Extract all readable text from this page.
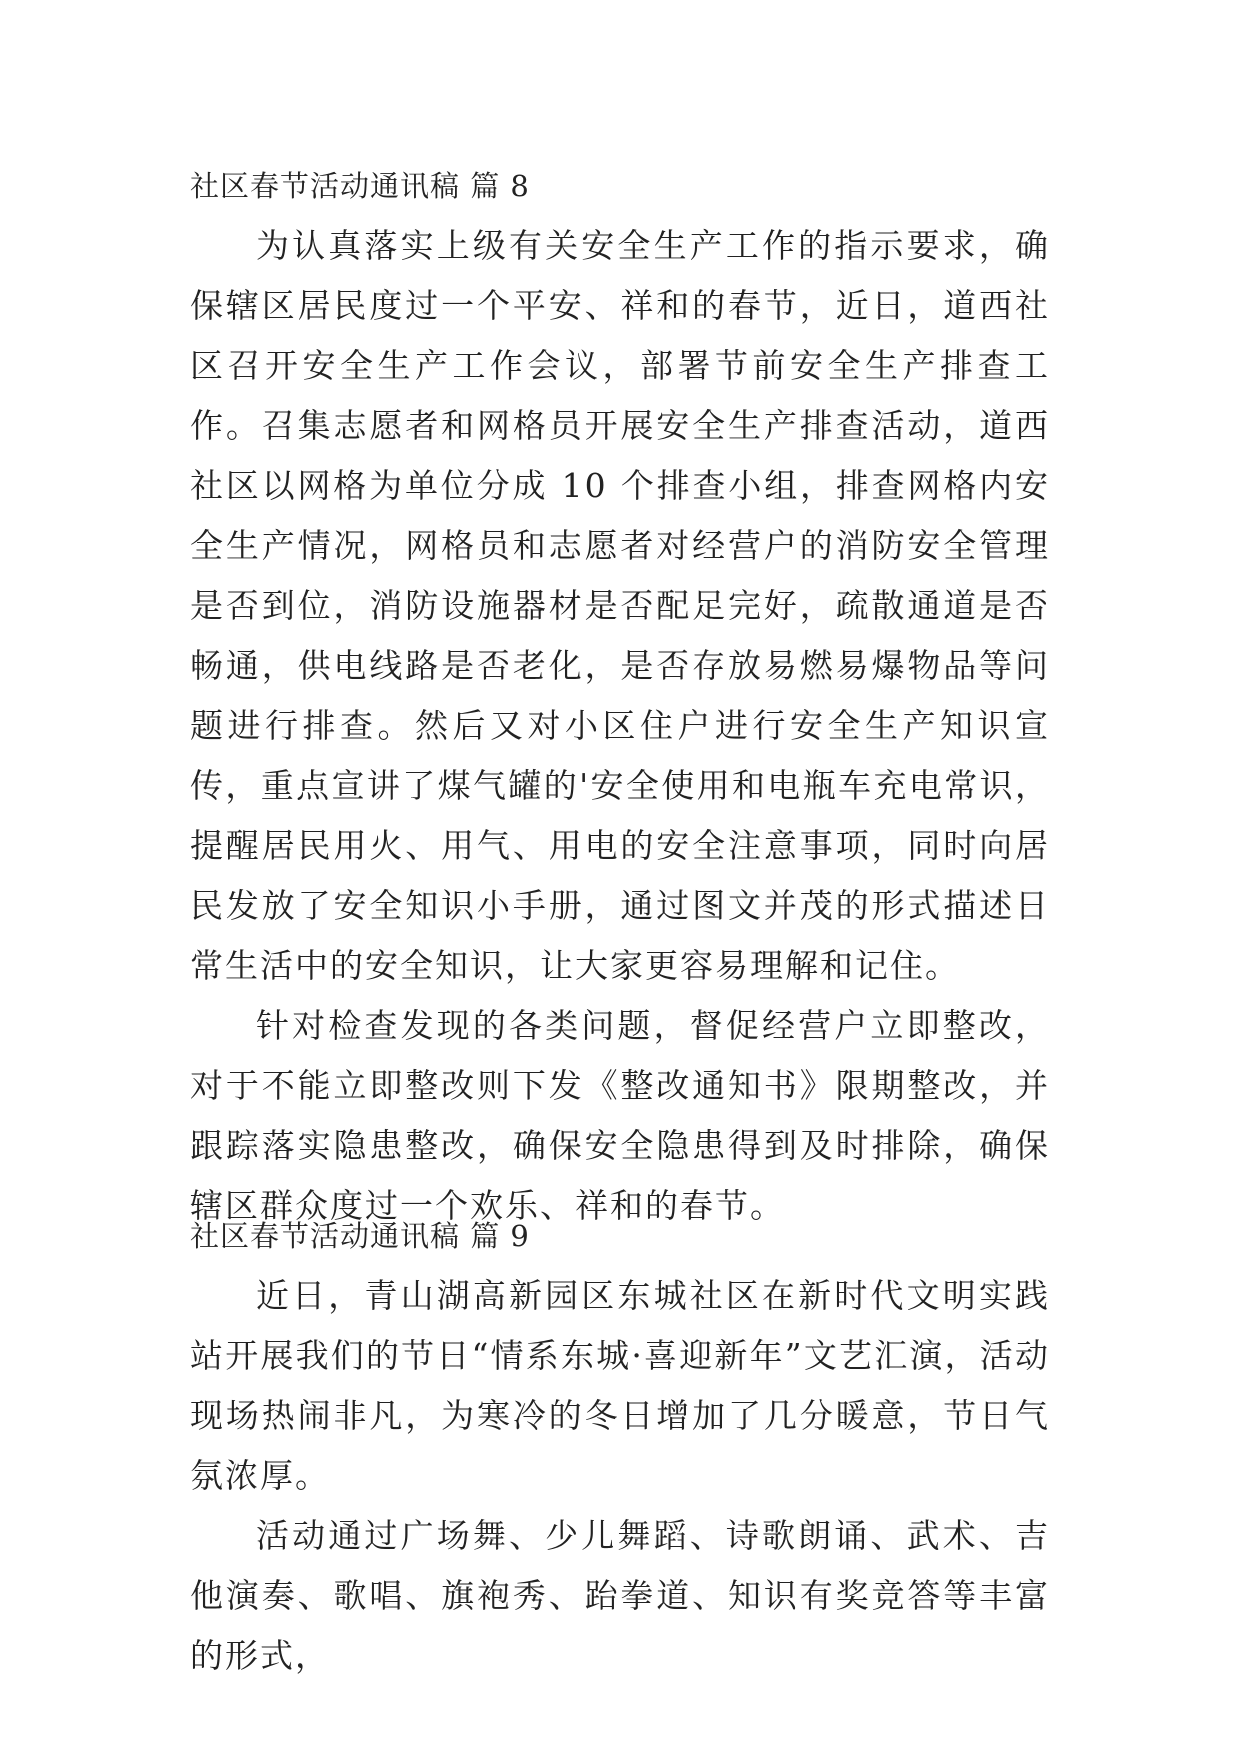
社区春节活动通讯稿 篇 8

为认真落实上级有关安全生产工作的指示要求，确保辖区居民度过一个平安、祥和的春节，近日，道西社区召开安全生产工作会议，部署节前安全生产排查工作。召集志愿者和网格员开展安全生产排查活动，道西社区以网格为单位分成 10 个排查小组，排查网格内安全生产情况，网格员和志愿者对经营户的消防安全管理是否到位，消防设施器材是否配足完好，疏散通道是否畅通，供电线路是否老化，是否存放易燃易爆物品等问题进行排查。然后又对小区住户进行安全生产知识宣传，重点宣讲了煤气罐的'安全使用和电瓶车充电常识，提醒居民用火、用气、用电的安全注意事项，同时向居民发放了安全知识小手册，通过图文并茂的形式描述日常生活中的安全知识，让大家更容易理解和记住。

针对检查发现的各类问题，督促经营户立即整改，对于不能立即整改则下发《整改通知书》限期整改，并跟踪落实隐患整改，确保安全隐患得到及时排除，确保辖区群众度过一个欢乐、祥和的春节。

社区春节活动通讯稿 篇 9

近日，青山湖高新园区东城社区在新时代文明实践站开展我们的节日“情系东城·喜迎新年”文艺汇演，活动现场热闹非凡，为寒冷的冬日增加了几分暖意，节日气氛浓厚。

活动通过广场舞、少儿舞蹈、诗歌朗诵、武术、吉他演奏、歌唱、旗袍秀、跆拳道、知识有奖竞答等丰富的形式，
